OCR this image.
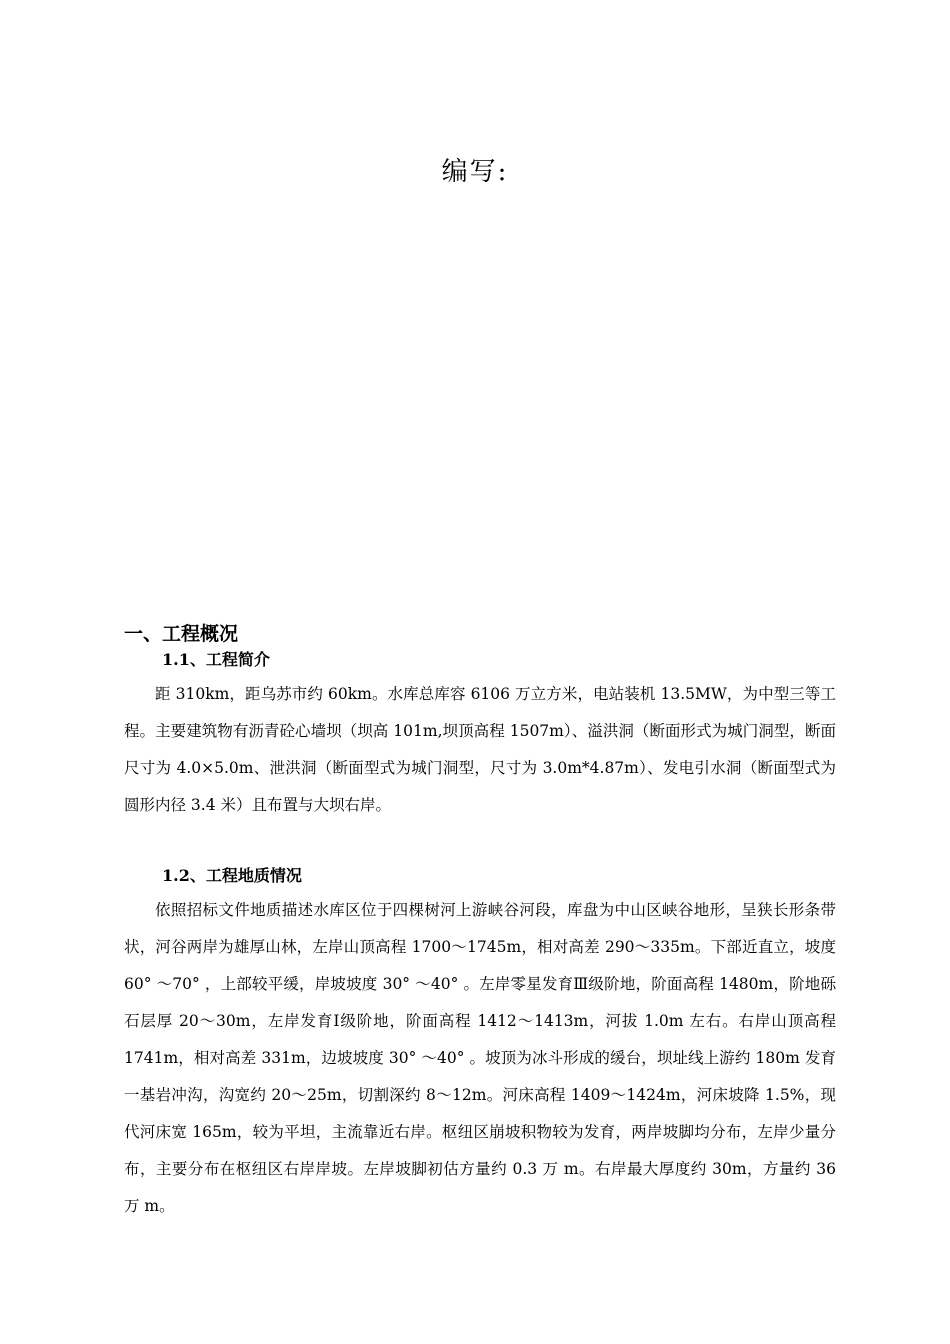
编写:
一、工程概况
1.1、工程简介

距 310km，距乌苏市约 60km。水库总库容 6106 万立方米，电站装机 13.5MW，为中型三等工程。主要建筑物有沥青砼心墙坝（坝高 101m,坝顶高程 1507m）、溢洪洞（断面形式为城门洞型，断面尺寸为 4.0×5.0m、泄洪洞（断面型式为城门洞型，尺寸为 3.0m*4.87m）、发电引水洞（断面型式为圆形内径 3.4 米）且布置与大坝右岸。

1.2、工程地质情况

依照招标文件地质描述水库区位于四棵树河上游峡谷河段，库盘为中山区峡谷地形，呈狭长形条带状，河谷两岸为雄厚山林，左岸山顶高程 1700～1745m，相对高差 290～335m。下部近直立，坡度 60° ～70° ，上部较平缓，岸坡坡度 30° ～40° 。左岸零星发育Ⅲ级阶地，阶面高程 1480m，阶地砾石层厚 20～30m，左岸发育Ⅰ级阶地，阶面高程 1412～1413m，河拔 1.0m 左右。右岸山顶高程 1741m，相对高差 331m，边坡坡度 30° ～40° 。坡顶为冰斗形成的缓台，坝址线上游约 180m 发育一基岩冲沟，沟宽约 20～25m，切割深约 8～12m。河床高程 1409～1424m，河床坡降 1.5%，现代河床宽 165m，较为平坦，主流靠近右岸。枢纽区崩坡积物较为发育，两岸坡脚均分布，左岸少量分布，主要分布在枢纽区右岸岸坡。左岸坡脚初估方量约 0.3 万 m。右岸最大厚度约 30m，方量约 36 万 m。
